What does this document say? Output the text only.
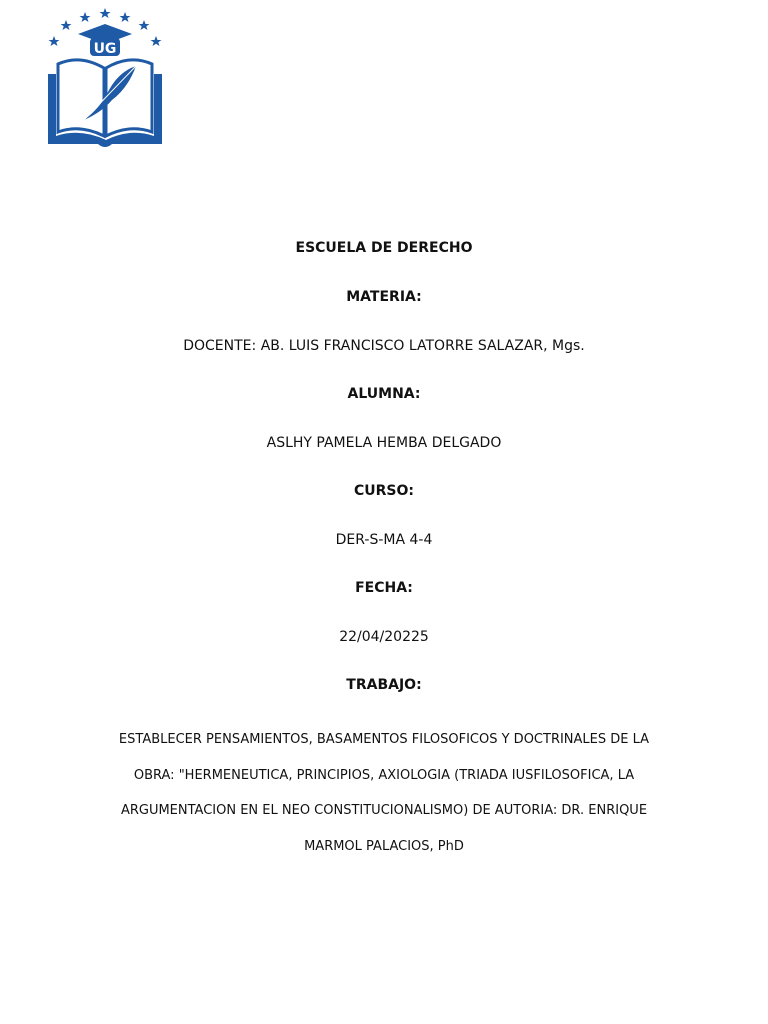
UG
ESCUELA DE DERECHO
MATERIA:
DOCENTE: AB. LUIS FRANCISCO LATORRE SALAZAR, Mgs.
ALUMNA:
ASLHY PAMELA HEMBA DELGADO
CURSO:
DER-S-MA 4-4
FECHA:
22/04/20225
TRABAJO:
ESTABLECER PENSAMIENTOS, BASAMENTOS FILOSOFICOS Y DOCTRINALES DE LA OBRA: "HERMENEUTICA, PRINCIPIOS, AXIOLOGIA (TRIADA IUSFILOSOFICA, LA ARGUMENTACION EN EL NEO CONSTITUCIONALISMO) DE AUTORIA: DR. ENRIQUE MARMOL PALACIOS, PhD
